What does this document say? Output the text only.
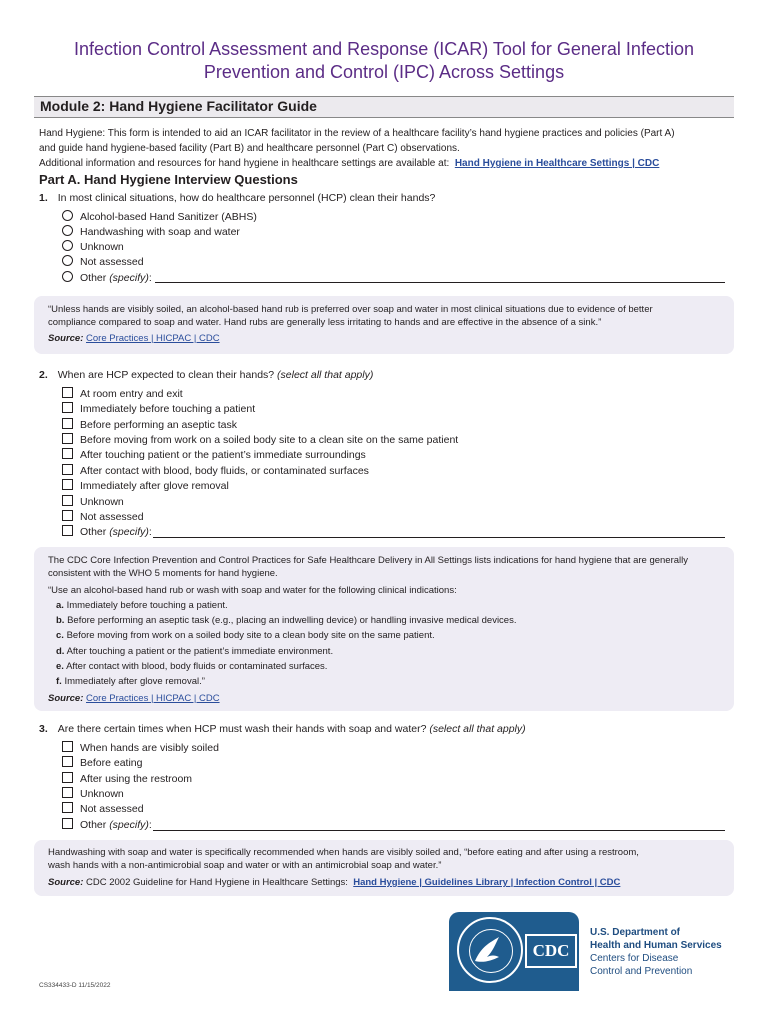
Infection Control Assessment and Response (ICAR) Tool for General Infection
Prevention and Control (IPC) Across Settings
Module 2: Hand Hygiene Facilitator Guide
Hand Hygiene: This form is intended to aid an ICAR facilitator in the review of a healthcare facility’s hand hygiene practices and policies (Part A)
and guide hand hygiene-based facility (Part B) and healthcare personnel (Part C) observations.
Additional information and resources for hand hygiene in healthcare settings are available at: Hand Hygiene in Healthcare Settings | CDC
Part A. Hand Hygiene Interview Questions
1. In most clinical situations, how do healthcare personnel (HCP) clean their hands?
Alcohol-based Hand Sanitizer (ABHS)
Handwashing with soap and water
Unknown
Not assessed
Other (specify):

“Unless hands are visibly soiled, an alcohol-based hand rub is preferred over soap and water in most clinical situations due to evidence of better
compliance compared to soap and water. Hand rubs are generally less irritating to hands and are effective in the absence of a sink.”

Source: Core Practices | HICPAC | CDC

2. When are HCP expected to clean their hands? (select all that apply)
At room entry and exit
Immediately before touching a patient
Before performing an aseptic task
Before moving from work on a soiled body site to a clean site on the same patient
After touching patient or the patient’s immediate surroundings
After contact with blood, body fluids, or contaminated surfaces
Immediately after glove removal
Unknown
Not assessed
Other (specify):

The CDC Core Infection Prevention and Control Practices for Safe Healthcare Delivery in All Settings lists indications for hand hygiene that are generally
consistent with the WHO 5 moments for hand hygiene.

“Use an alcohol-based hand rub or wash with soap and water for the following clinical indications:

a. Immediately before touching a patient.

b. Before performing an aseptic task (e.g., placing an indwelling device) or handling invasive medical devices.

c. Before moving from work on a soiled body site to a clean body site on the same patient.

d. After touching a patient or the patient’s immediate environment.

e. After contact with blood, body fluids or contaminated surfaces.

f. Immediately after glove removal.”

Source: Core Practices | HICPAC | CDC

3. Are there certain times when HCP must wash their hands with soap and water? (select all that apply)
When hands are visibly soiled
Before eating
After using the restroom
Unknown
Not assessed
Other (specify):

Handwashing with soap and water is specifically recommended when hands are visibly soiled and, “before eating and after using a restroom,
wash hands with a non-antimicrobial soap and water or with an antimicrobial soap and water.”

Source: CDC 2002 Guideline for Hand Hygiene in Healthcare Settings: Hand Hygiene | Guidelines Library | Infection Control | CDC

CS334433-D 11/15/2022
CDC
U.S. Department of
Health and Human Services
Centers for Disease
Control and Prevention
